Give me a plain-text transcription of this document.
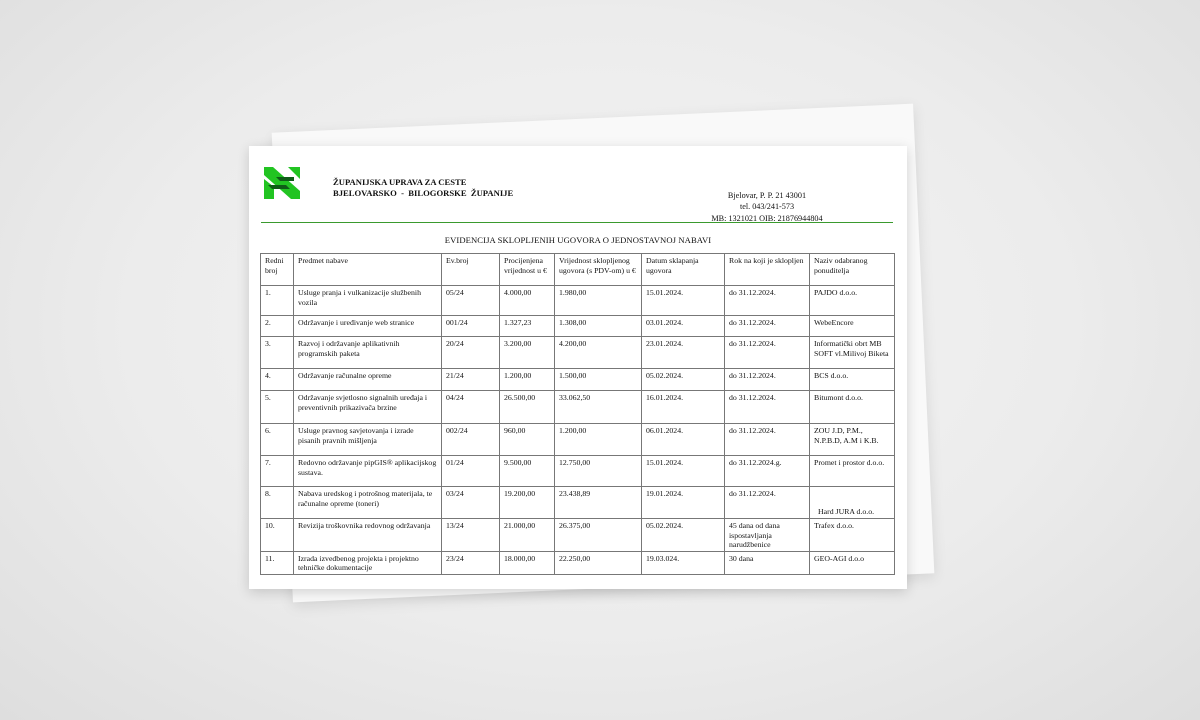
ŽUPANIJSKA UPRAVA ZA CESTE
BJELOVARSKO  -  BILOGORSKE  ŽUPANIJE	Bjelovar, P. P. 21 43001
tel. 043/241-573
MB: 1321021 OIB: 21876944804
EVIDENCIJA SKLOPLJENIH UGOVORA O JEDNOSTAVNOJ NABAVI
Redni broj	Predmet nabave	Ev.broj	Procijenjena vrijednost u €	Vrijednost sklopljenog ugovora (s PDV-om) u €	Datum sklapanja ugovora	Rok na koji je sklopljen	Naziv odabranog ponuditelja
1.	Usluge pranja i vulkanizacije službenih vozila	05/24	4.000,00	1.980,00	15.01.2024.	do 31.12.2024.	PAJDO d.o.o.
2.	Održavanje i uređivanje web stranice	001/24	1.327,23	1.308,00	03.01.2024.	do 31.12.2024.	WebeEncore
3.	Razvoj i održavanje aplikativnih programskih paketa	20/24	3.200,00	4.200,00	23.01.2024.	do 31.12.2024.	Informatički obrt MB SOFT vl.Milivoj Biketa
4.	Održavanje računalne opreme	21/24	1.200,00	1.500,00	05.02.2024.	do 31.12.2024.	BCS d.o.o.
5.	Održavanje svjetlosno signalnih uređaja i preventivnih prikazivača brzine	04/24	26.500,00	33.062,50	16.01.2024.	do 31.12.2024.	Bitumont d.o.o.
6.	Usluge pravnog savjetovanja i izrade pisanih pravnih mišljenja	002/24	960,00	1.200,00	06.01.2024.	do 31.12.2024.	ZOU J.D, P.M., N.P.B.D, A.M i K.B.
7.	Redovno održavanje pipGIS® aplikacijskog sustava.	01/24	9.500,00	12.750,00	15.01.2024.	do 31.12.2024.g.	Promet i prostor d.o.o.
8.	Nabava uredskog i potrošnog materijala, te računalne opreme (toneri)	03/24	19.200,00	23.438,89	19.01.2024.	do 31.12.2024.	Hard JURA d.o.o.
10.	Revizija troškovnika redovnog održavanja	13/24	21.000,00	26.375,00	05.02.2024.	45 dana od dana ispostavljanja narudžbenice	Trafex d.o.o.
11.	Izrada izvedbenog projekta i projektno tehničke dokumentacije	23/24	18.000,00	22.250,00	19.03.024.	30 dana	GEO-AGI d.o.o
